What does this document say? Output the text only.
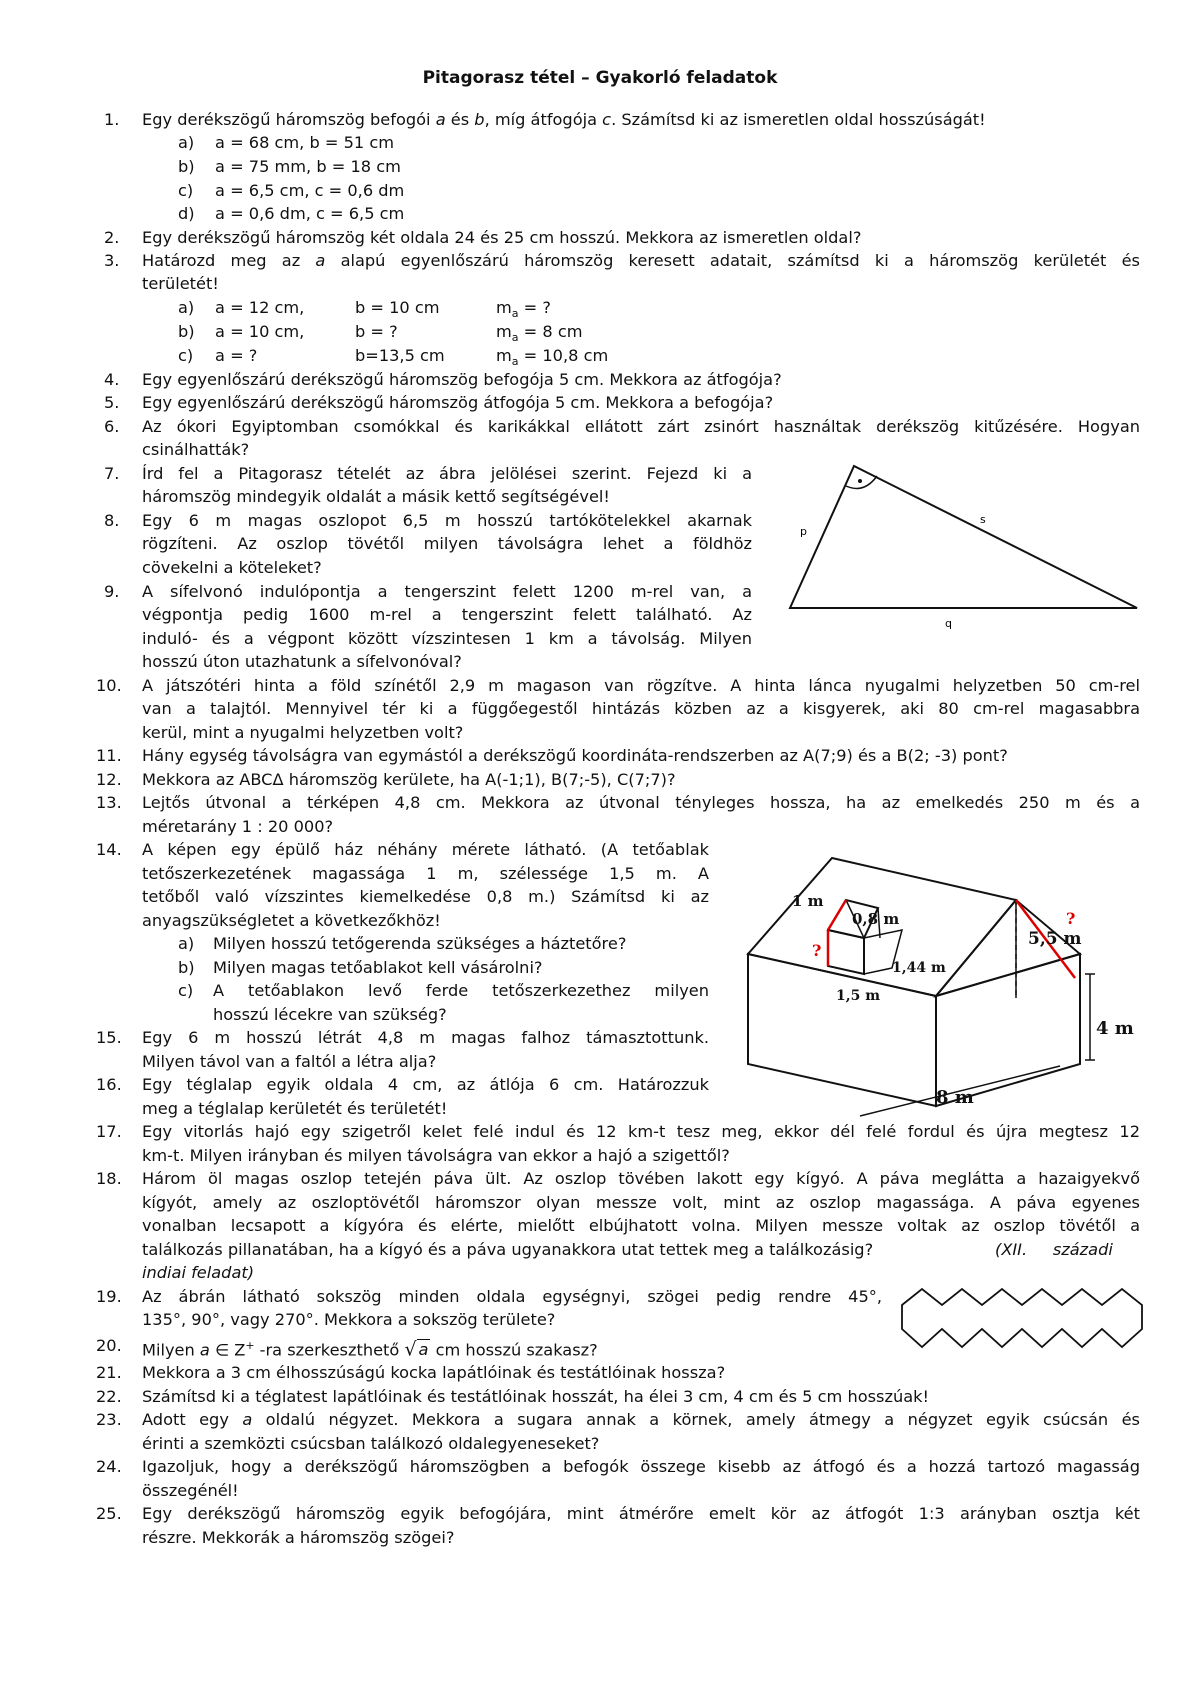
Pitagorasz tétel – Gyakorló feladatok
1. Egy derékszögű háromszög befogói a és b, míg átfogója c. Számítsd ki az ismeretlen oldal hosszúságát!
a) a = 68 cm, b = 51 cm
b) a = 75 mm, b = 18 cm
c) a = 6,5 cm, c = 0,6 dm
d) a = 0,6 dm, c = 6,5 cm
2. Egy derékszögű háromszög két oldala 24 és 25 cm hosszú. Mekkora az ismeretlen oldal?
3. Határozd meg az a alapú egyenlőszárú háromszög keresett adatait, számítsd ki a háromszög kerületét és
területét!
a) a = 12 cm,	b = 10 cm	$m_a$ = ?
b) a = 10 cm,	b = ?	$m_a = 8$ cm
c) a = ?	b=13,5 cm	$m_a = 10,8$ cm
4. Egy egyenlőszárú derékszögű háromszög befogója 5 cm. Mekkora az átfogója?
5. Egy egyenlőszárú derékszögű háromszög átfogója 5 cm. Mekkora a befogója?
6. Az ókori Egyiptomban csomókkal és karikákkal ellátott zárt zsinórt használtak derékszög kitűzésére. Hogyan
csinálhatták?
7. Írd fel a Pitagorasz tételét az ábra jelölései szerint. Fejezd ki a
háromszög mindegyik oldalát a másik kettő segítségével!
p
s
q
8. Egy 6 m magas oszlopot 6,5 m hosszú tartókötelekkel akarnak
rögzíteni. Az oszlop tövétől milyen távolságra lehet a földhöz
cövekelni a köteleket?
9. A sífelvonó indulópontja a tengerszint felett 1200 m-rel van, a
végpontja pedig 1600 m-rel a tengerszint felett található. Az
induló- és a végpont között vízszintesen 1 km a távolság. Milyen
hosszú úton utazhatunk a sífelvonóval?
10. A játszótéri hinta a föld színétől 2,9 m magason van rögzítve. A hinta lánca nyugalmi helyzetben 50 cm-rel
van a talajtól. Mennyivel tér ki a függőegestől hintázás közben az a kisgyerek, aki 80 cm-rel magasabbra
kerül, mint a nyugalmi helyzetben volt?
11. Hány egység távolságra van egymástól a derékszögű koordináta-rendszerben az A(7;9) és a B(2; -3) pont?
12. Mekkora az ABCΔ háromszög kerülete, ha A(-1;1), B(7;-5), C(7;7)?
13. Lejtős útvonal a térképen 4,8 cm. Mekkora az útvonal tényleges hossza, ha az emelkedés 250 m és a
méretarány 1 : 20 000?
14. A képen egy épülő ház néhány mérete látható. (A tetőablak
tetőszerkezetének magassága 1 m, szélessége 1,5 m. A
tetőből való vízszintes kiemelkedése 0,8 m.) Számítsd ki az
anyagszükségletet a következőkhöz!
a) Milyen hosszú tetőgerenda szükséges a háztetőre?
b) Milyen magas tetőablakot kell vásárolni?
c) A tetőablakon levő ferde tetőszerkezethez milyen
hosszú lécekre van szükség?
1 m
0,8 m
1,5 m
1,44 m
5,5 m
4 m
8 m
?
?
15. Egy 6 m hosszú létrát 4,8 m magas falhoz támasztottunk.
Milyen távol van a faltól a létra alja?
16. Egy téglalap egyik oldala 4 cm, az átlója 6 cm. Határozzuk
meg a téglalap kerületét és területét!
17. Egy vitorlás hajó egy szigetről kelet felé indul és 12 km-t tesz meg, ekkor dél felé fordul és újra megtesz 12
km-t. Milyen irányban és milyen távolságra van ekkor a hajó a szigettől?
18. Három öl magas oszlop tetején páva ült. Az oszlop tövében lakott egy kígyó. A páva meglátta a hazaigyekvő
kígyót, amely az oszloptövétől háromszor olyan messze volt, mint az oszlop magassága. A páva egyenes
vonalban lecsapott a kígyóra és elérte, mielőtt elbújhatott volna. Milyen messze voltak az oszlop tövétől a
találkozás pillanatában, ha a kígyó és a páva ugyanakkora utat tettek meg a találkozásig?	(XII.     századi
indiai feladat)
19. Az ábrán látható sokszög minden oldala egységnyi, szögei pedig rendre 45°,
135°, 90°, vagy 270°. Mekkora a sokszög területe?
20. Milyen a ∈ Z+ -ra szerkeszthető √ a cm hosszú szakasz?
21. Mekkora a 3 cm élhosszúságú kocka lapátlóinak és testátlóinak hossza?
22. Számítsd ki a téglatest lapátlóinak és testátlóinak hosszát, ha élei 3 cm, 4 cm és 5 cm hosszúak!
23. Adott egy a oldalú négyzet. Mekkora a sugara annak a körnek, amely átmegy a négyzet egyik csúcsán és
érinti a szemközti csúcsban találkozó oldalegyeneseket?
24. Igazoljuk, hogy a derékszögű háromszögben a befogók összege kisebb az átfogó és a hozzá tartozó magasság
összegénél!
25. Egy derékszögű háromszög egyik befogójára, mint átmérőre emelt kör az átfogót 1:3 arányban osztja két
részre. Mekkorák a háromszög szögei?
